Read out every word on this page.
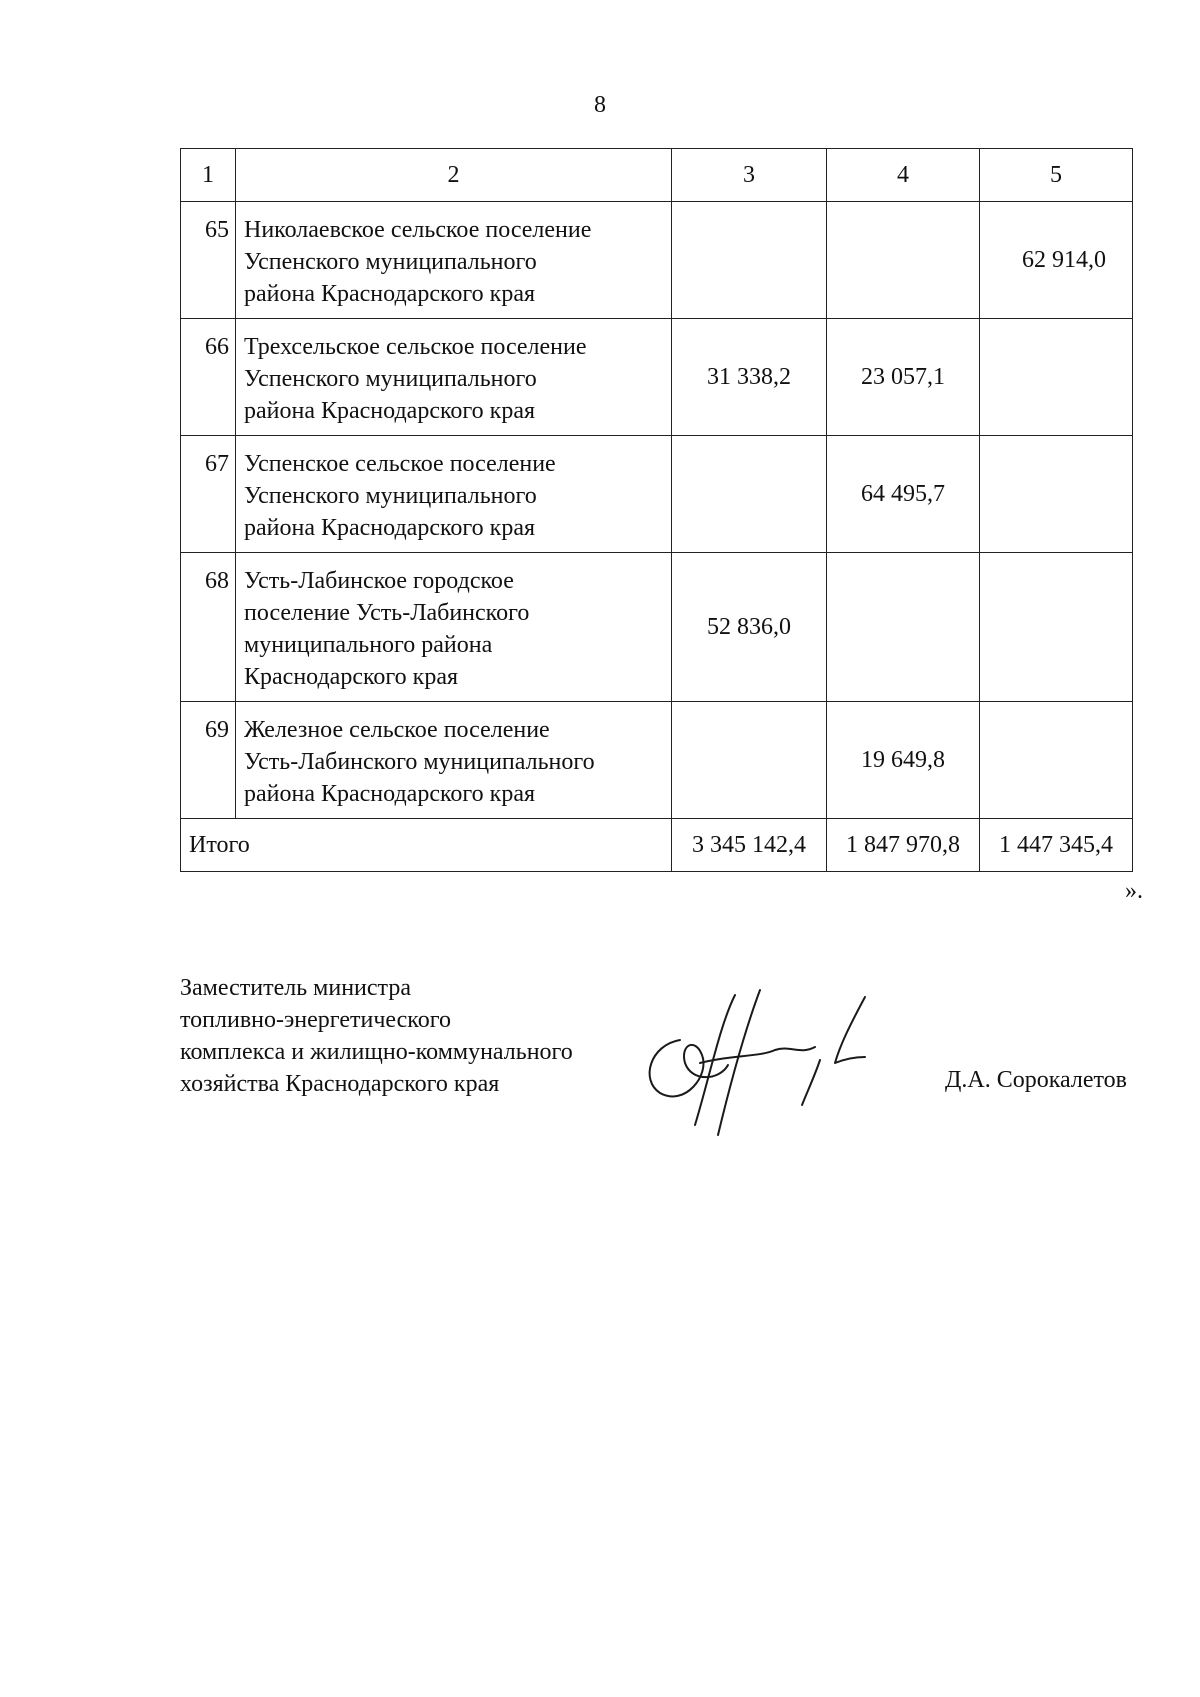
8
1	2	3	4	5
65	Николаевское сельское поселение
Успенского муниципального
района Краснодарского края			62 914,0
66	Трехсельское сельское поселение
Успенского муниципального
района Краснодарского края	31 338,2	23 057,1	
67	Успенское сельское поселение
Успенского муниципального
района Краснодарского края		64 495,7	
68	Усть-Лабинское городское
поселение Усть-Лабинского
муниципального района
Краснодарского края	52 836,0		
69	Железное сельское поселение
Усть-Лабинского муниципального
района Краснодарского края		19 649,8	
Итого		3 345 142,4	1 847 970,8	1 447 345,4
».
Заместитель министра
топливно-энергетического
комплекса и жилищно-коммунального
хозяйства Краснодарского края	Д.А. Сорокалетов
